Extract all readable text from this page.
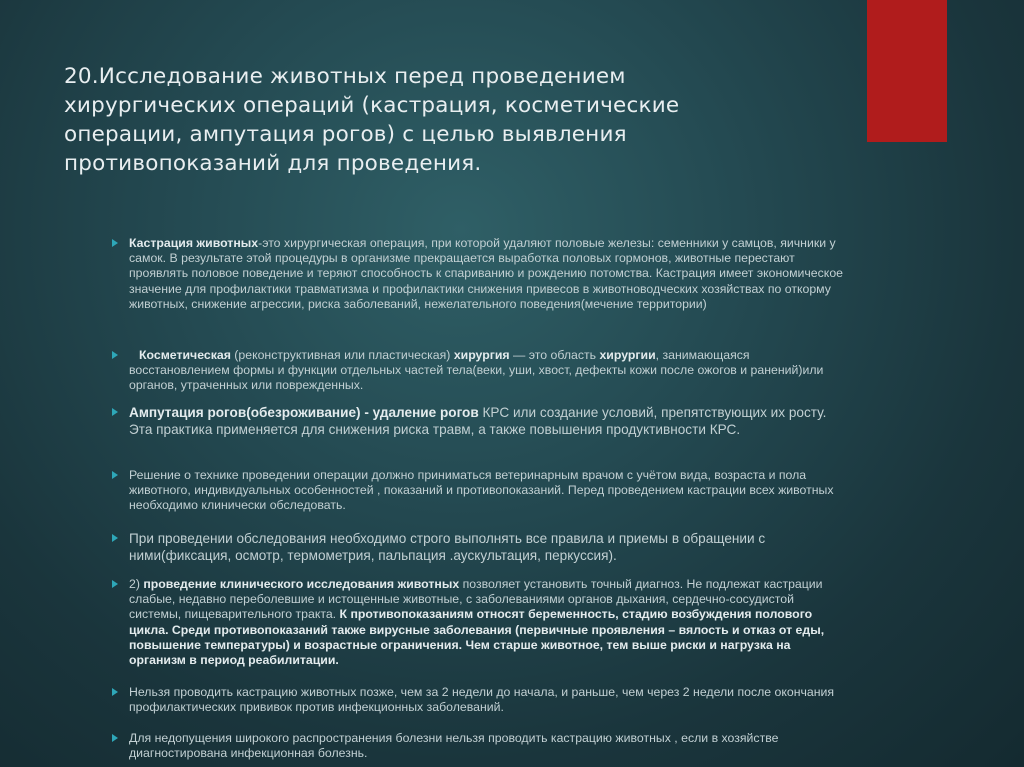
20.Исследование животных перед проведением хирургических операций (кастрация, косметические операции, ампутация рогов) с целью выявления противопоказаний для проведения.
Кастрация животных-это хирургическая операция, при которой удаляют половые железы: семенники у самцов, яичники у самок. В результате этой процедуры в организме прекращается выработка половых гормонов, животные перестают проявлять половое поведение и теряют способность к спариванию и рождению потомства. Кастрация имеет экономическое значение для профилактики травматизма и профилактики снижения привесов в животноводческих хозяйствах по откорму животных, снижение агрессии, риска заболеваний, нежелательного поведения(мечение территории)
Косметическая (реконструктивная или пластическая) хирургия — это область хирургии, занимающаяся восстановлением формы и функции отдельных частей тела(веки, уши, хвост, дефекты кожи после ожогов и ранений)или органов, утраченных или поврежденных.
Ампутация рогов(обезроживание) - удаление рогов КРС или создание условий, препятствующих их росту. Эта практика применяется для снижения риска травм, а также повышения продуктивности КРС.
Решение о технике проведении операции должно приниматься ветеринарным врачом с учётом вида, возраста и пола животного, индивидуальных особенностей , показаний и противопоказаний. Перед проведением кастрации всех животных необходимо клинически обследовать.
При проведении обследования необходимо строго выполнять все правила и приемы в обращении с ними(фиксация, осмотр, термометрия, пальпация .аускультация, перкуссия).
2) проведение клинического исследования животных позволяет установить точный диагноз. Не подлежат кастрации слабые, недавно переболевшие и истощенные животные, с заболеваниями органов дыхания, сердечно-сосудистой системы, пищеварительного тракта. К противопоказаниям относят беременность, стадию возбуждения полового цикла. Среди противопоказаний также вирусные заболевания (первичные проявления – вялость и отказ от еды, повышение температуры) и возрастные ограничения. Чем старше животное, тем выше риски и нагрузка на организм в период реабилитации.
Нельзя проводить кастрацию животных позже, чем за 2 недели до начала, и раньше, чем через 2 недели после окончания профилактических прививок против инфекционных заболеваний.
Для недопущения широкого распространения болезни нельзя проводить кастрацию животных , если в хозяйстве диагностирована инфекционная болезнь.
